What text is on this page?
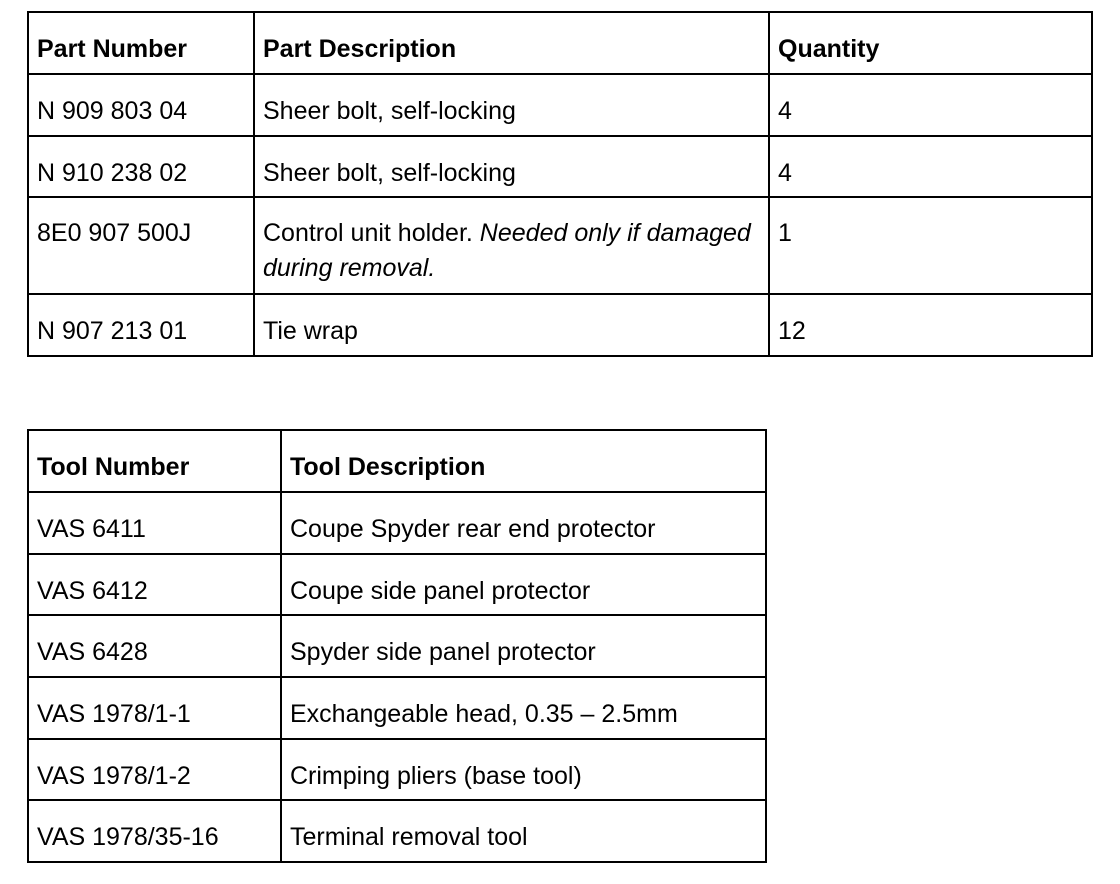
Part Number	Part Description	Quantity
N 909 803 04	Sheer bolt, self-locking	4
N 910 238 02	Sheer bolt, self-locking	4
8E0 907 500J	Control unit holder. Needed only if damaged during removal.	1
N 907 213 01	Tie wrap	12
Tool Number	Tool Description
VAS 6411	Coupe Spyder rear end protector
VAS 6412	Coupe side panel protector
VAS 6428	Spyder side panel protector
VAS 1978/1-1	Exchangeable head, 0.35 – 2.5mm
VAS 1978/1-2	Crimping pliers (base tool)
VAS 1978/35-16	Terminal removal tool
